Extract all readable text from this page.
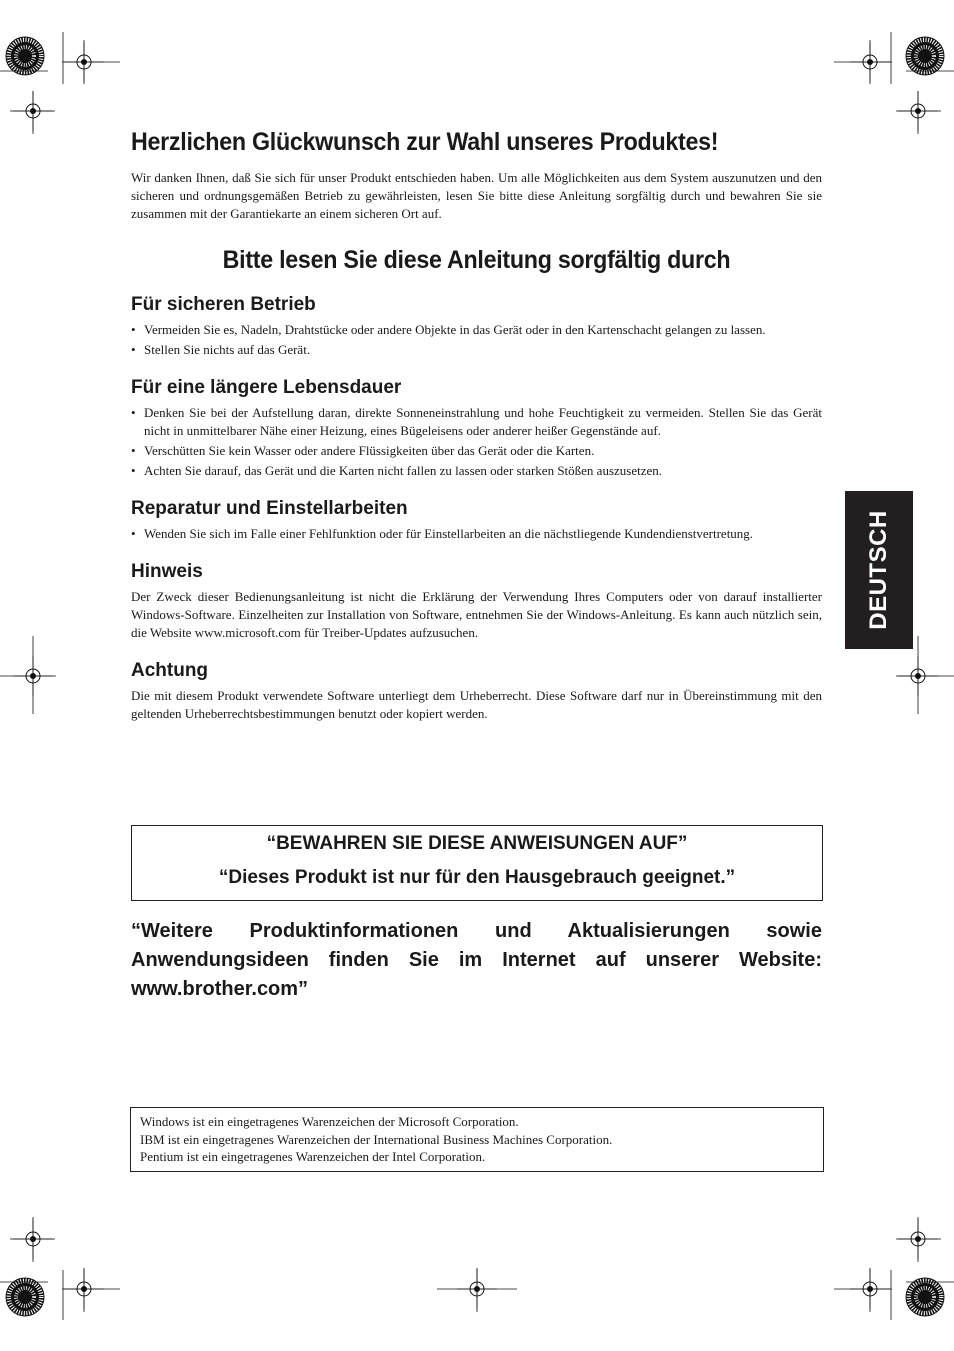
Herzlichen Glückwunsch zur Wahl unseres Produktes!

Wir danken Ihnen, daß Sie sich für unser Produkt entschieden haben. Um alle Möglichkeiten aus dem System auszunutzen und den sicheren und ordnungsgemäßen Betrieb zu gewährleisten, lesen Sie bitte diese Anleitung sorgfältig durch und bewahren Sie sie zusammen mit der Garantiekarte an einem sicheren Ort auf.

Bitte lesen Sie diese Anleitung sorgfältig durch
Für sicheren Betrieb
• Vermeiden Sie es, Nadeln, Drahtstücke oder andere Objekte in das Gerät oder in den Kartenschacht gelangen zu lassen.
• Stellen Sie nichts auf das Gerät.
Für eine längere Lebensdauer
• Denken Sie bei der Aufstellung daran, direkte Sonneneinstrahlung und hohe Feuchtigkeit zu vermeiden. Stellen Sie das Gerät nicht in unmittelbarer Nähe einer Heizung, eines Bügeleisens oder anderer heißer Gegenstände auf.
• Verschütten Sie kein Wasser oder andere Flüssigkeiten über das Gerät oder die Karten.
• Achten Sie darauf, das Gerät und die Karten nicht fallen zu lassen oder starken Stößen auszusetzen.
Reparatur und Einstellarbeiten
• Wenden Sie sich im Falle einer Fehlfunktion oder für Einstellarbeiten an die nächstliegende Kundendienstvertretung.
Hinweis

Der Zweck dieser Bedienungsanleitung ist nicht die Erklärung der Verwendung Ihres Computers oder von darauf installierter Windows-Software. Einzelheiten zur Installation von Software, entnehmen Sie der Windows-Anleitung. Es kann auch nützlich sein, die Website www.microsoft.com für Treiber-Updates aufzusuchen.

Achtung

Die mit diesem Produkt verwendete Software unterliegt dem Urheberrecht. Diese Software darf nur in Übereinstimmung mit den geltenden Urheberrechtsbestimmungen benutzt oder kopiert werden.

“BEWAHREN SIE DIESE ANWEISUNGEN AUF”
“Dieses Produkt ist nur für den Hausgebrauch geeignet.”
“Weitere Produktinformationen und Aktualisierungen sowie Anwendungsideen finden Sie im Internet auf unserer Website: www.brother.com”
Windows ist ein eingetragenes Warenzeichen der Microsoft Corporation.
IBM ist ein eingetragenes Warenzeichen der International Business Machines Corporation.
Pentium ist ein eingetragenes Warenzeichen der Intel Corporation.
DEUTSCH
